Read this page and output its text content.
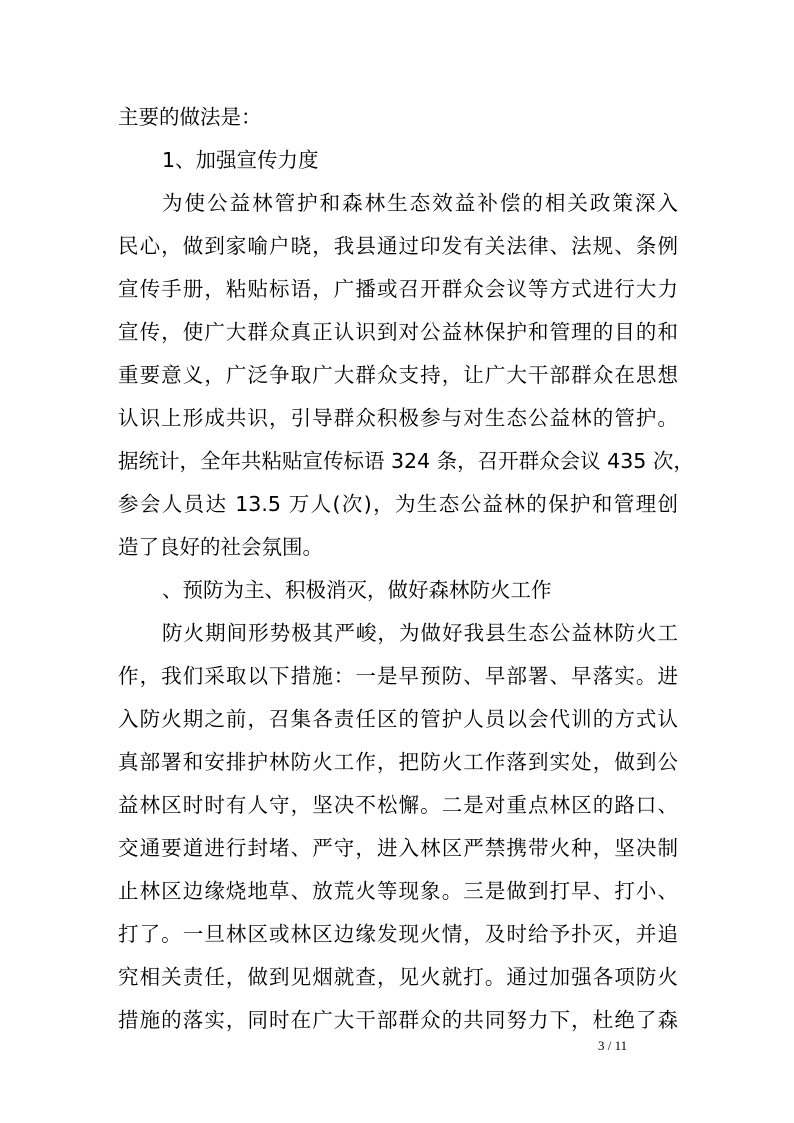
主要的做法是：
1、加强宣传力度
为使公益林管护和森林生态效益补偿的相关政策深入
民心，做到家喻户晓，我县通过印发有关法律、法规、条例
宣传手册，粘贴标语，广播或召开群众会议等方式进行大力
宣传，使广大群众真正认识到对公益林保护和管理的目的和
重要意义，广泛争取广大群众支持，让广大干部群众在思想
认识上形成共识，引导群众积极参与对生态公益林的管护。
据统计，全年共粘贴宣传标语 324 条，召开群众会议 435 次，
参会人员达 13.5 万人(次)，为生态公益林的保护和管理创
造了良好的社会氛围。
、预防为主、积极消灭，做好森林防火工作
防火期间形势极其严峻，为做好我县生态公益林防火工
作，我们采取以下措施：一是早预防、早部署、早落实。进
入防火期之前，召集各责任区的管护人员以会代训的方式认
真部署和安排护林防火工作，把防火工作落到实处，做到公
益林区时时有人守，坚决不松懈。二是对重点林区的路口、
交通要道进行封堵、严守，进入林区严禁携带火种，坚决制
止林区边缘烧地草、放荒火等现象。三是做到打早、打小、
打了。一旦林区或林区边缘发现火情，及时给予扑灭，并追
究相关责任，做到见烟就查，见火就打。通过加强各项防火
措施的落实，同时在广大干部群众的共同努力下，杜绝了森
3 / 11
